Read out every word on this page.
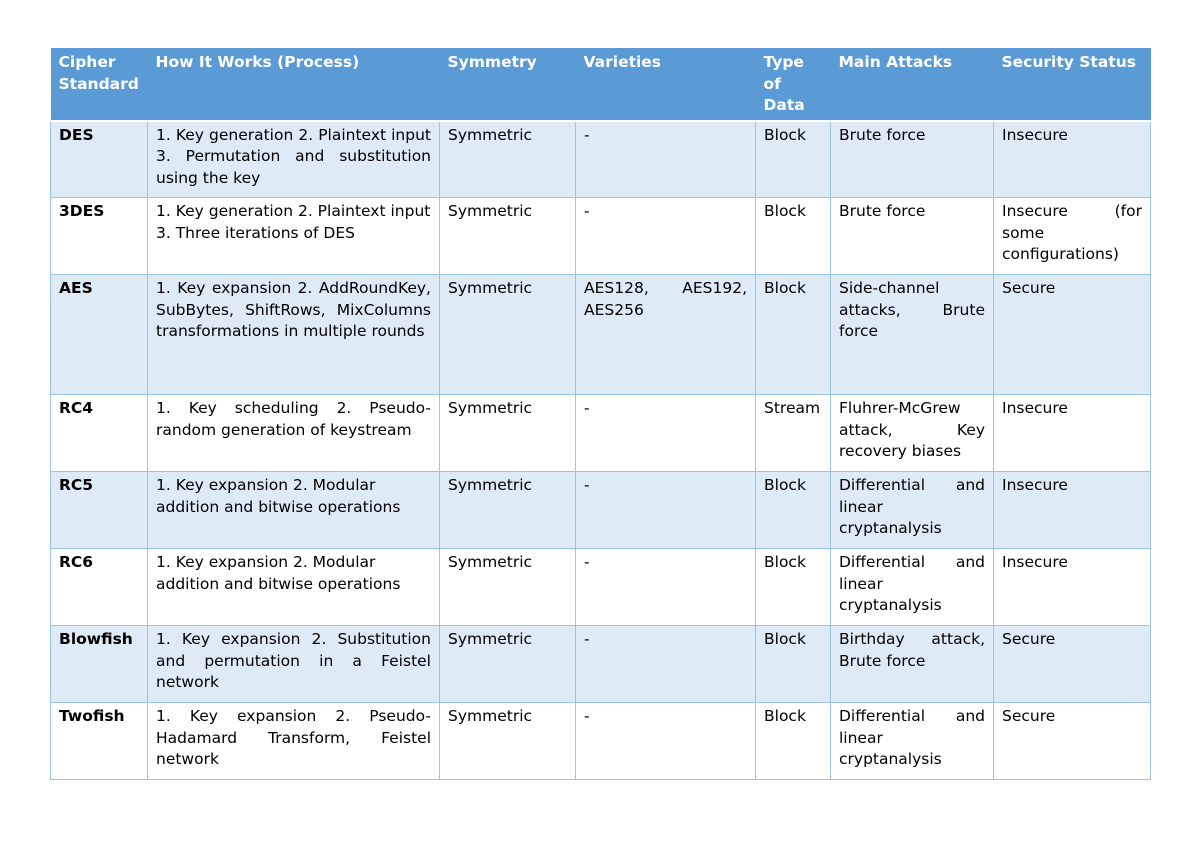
Cipher Standard	How It Works (Process)	Symmetry	Varieties	Type of Data	Main Attacks	Security Status
DES	1. Key generation 2. Plaintext input 3. Permutation and substitution using the key	Symmetric	-	Block	Brute force	Insecure
3DES	1. Key generation 2. Plaintext input 3. Three iterations of DES	Symmetric	-	Block	Brute force	Insecure (for some configurations)
AES	1. Key expansion 2. AddRoundKey, SubBytes, ShiftRows, MixColumns transformations in multiple rounds	Symmetric	AES128, AES192, AES256	Block	Side-channel attacks, Brute force	Secure
RC4	1. Key scheduling 2. Pseudo-random generation of keystream	Symmetric	-	Stream	Fluhrer-McGrew attack, Key recovery biases	Insecure
RC5	1. Key expansion 2. Modular addition and bitwise operations	Symmetric	-	Block	Differential and linear cryptanalysis	Insecure
RC6	1. Key expansion 2. Modular addition and bitwise operations	Symmetric	-	Block	Differential and linear cryptanalysis	Insecure
Blowfish	1. Key expansion 2. Substitution and permutation in a Feistel network	Symmetric	-	Block	Birthday attack, Brute force	Secure
Twofish	1. Key expansion 2. Pseudo-Hadamard Transform, Feistel network	Symmetric	-	Block	Differential and linear cryptanalysis	Secure
